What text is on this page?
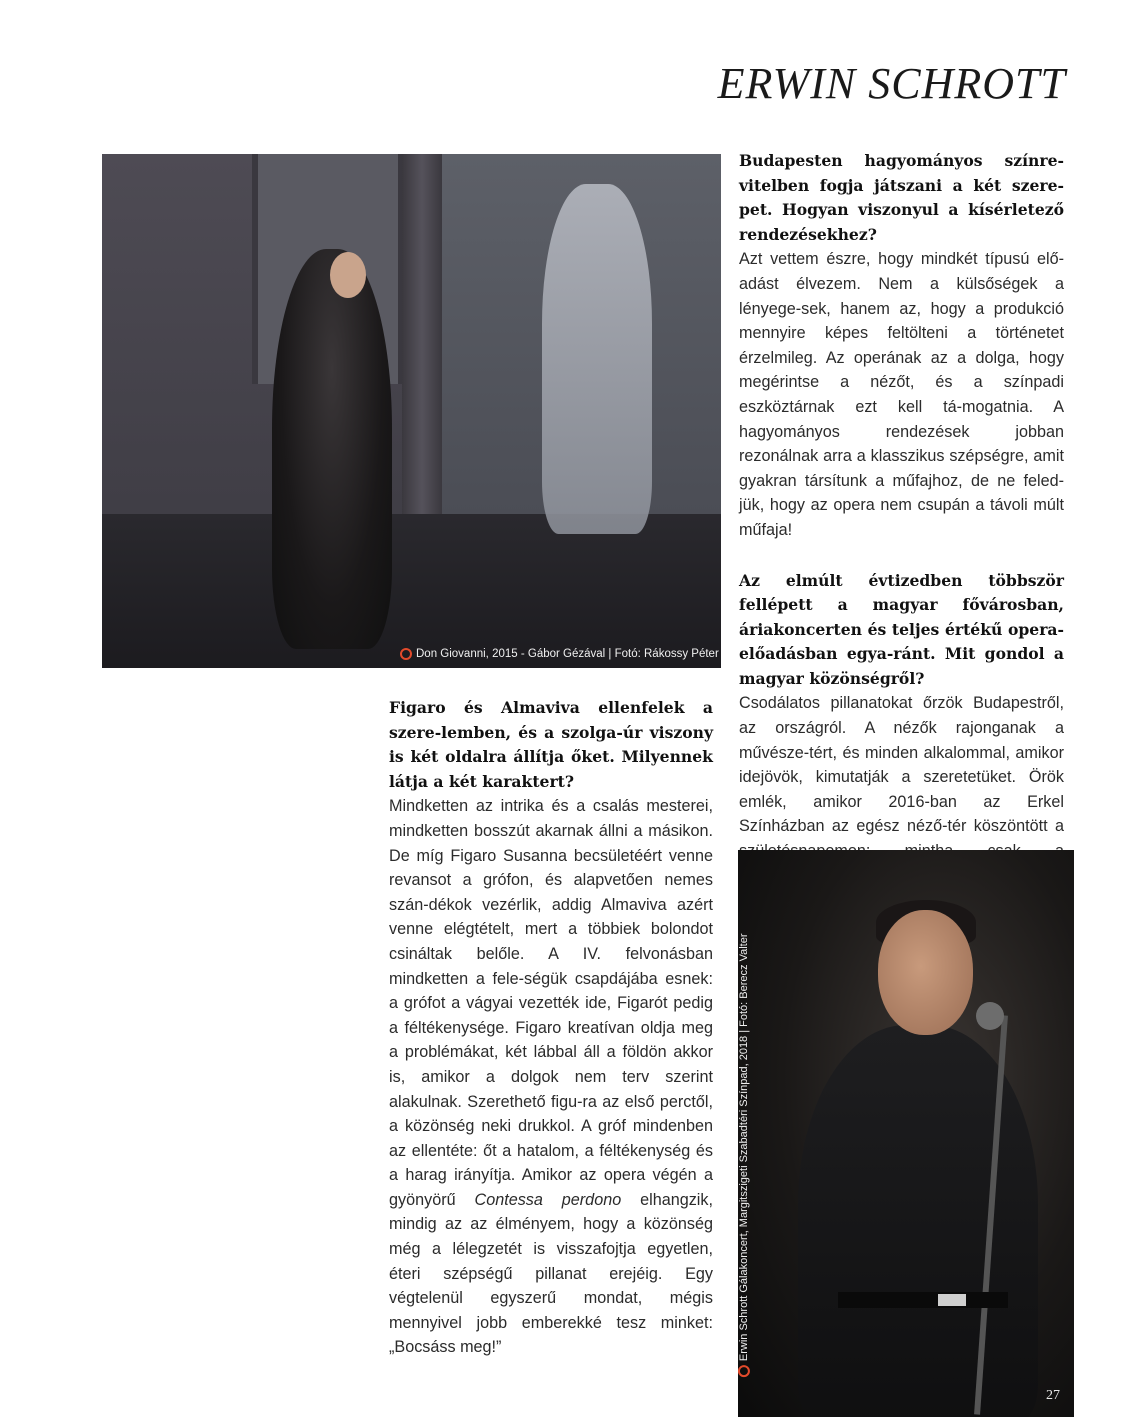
ERWIN SCHROTT
Don Giovanni, 2015 - Gábor Gézával | Fotó: Rákossy Péter

Budapesten hagyományos színre-vitelben fogja játszani a két szere-pet. Hogyan viszonyul a kísérletező rendezésekhez?

Azt vettem észre, hogy mindkét típusú elő-adást élvezem. Nem a külsőségek a lényege-sek, hanem az, hogy a produkció mennyire képes feltölteni a történetet érzelmileg. Az operának az a dolga, hogy megérintse a nézőt, és a színpadi eszköztárnak ezt kell tá-mogatnia. A hagyományos rendezések jobban rezonálnak arra a klasszikus szépségre, amit gyakran társítunk a műfajhoz, de ne feled-jük, hogy az opera nem csupán a távoli múlt műfaja!

Az elmúlt évtizedben többször fellépett a magyar fővárosban, áriakoncerten és teljes értékű opera-előadásban egya-ránt. Mit gondol a magyar közönségről?

Csodálatos pillanatokat őrzök Budapestről, az országról. A nézők rajonganak a művésze-tért, és minden alkalommal, amikor idejövök, kimutatják a szeretetüket. Örök emlék, amikor 2016-ban az Erkel Színházban az egész néző-tér köszöntött a

Figaro és Almaviva ellenfelek a szere-lemben, és a szolga-úr viszony is két oldalra állítja őket. Milyennek látja a két karaktert?

Mindketten az intrika és a csalás mesterei, mindketten bosszút akarnak állni a másikon. De míg Figaro Susanna becsületéért venne revansot a grófon, és alapvetően nemes szán-dékok vezérlik, addig Almaviva azért venne elégtételt, mert a többiek bolondot csináltak belőle. A IV. felvonásban mindketten a fele-ségük csapdájába esnek: a grófot a vágyai vezették ide, Figarót pedig a féltékenysége. Figaro kreatívan oldja meg a problémákat, két lábbal áll a földön akkor is, amikor a dolgok nem terv szerint alakulnak. Szerethető figu-ra az első perctől, a közönség neki drukkol. A gróf mindenben az ellentéte: őt a hatalom, a féltékenység és a harag irányítja. Amikor az opera végén a gyönyörű Contessa perdono elhangzik, mindig az az élményem, hogy a közönség még a lélegzetét is visszafojtja egyetlen, éteri szépségű pillanat erejéig. Egy végtelenül egyszerű mondat, mégis mennyivel jobb emberekké tesz minket: „Bocsáss meg!”	Erwin Schrott Gálakoncert, Margitszigeti Szabadtéri Színpad, 2018 | Fotó: Berecz Valter
27
